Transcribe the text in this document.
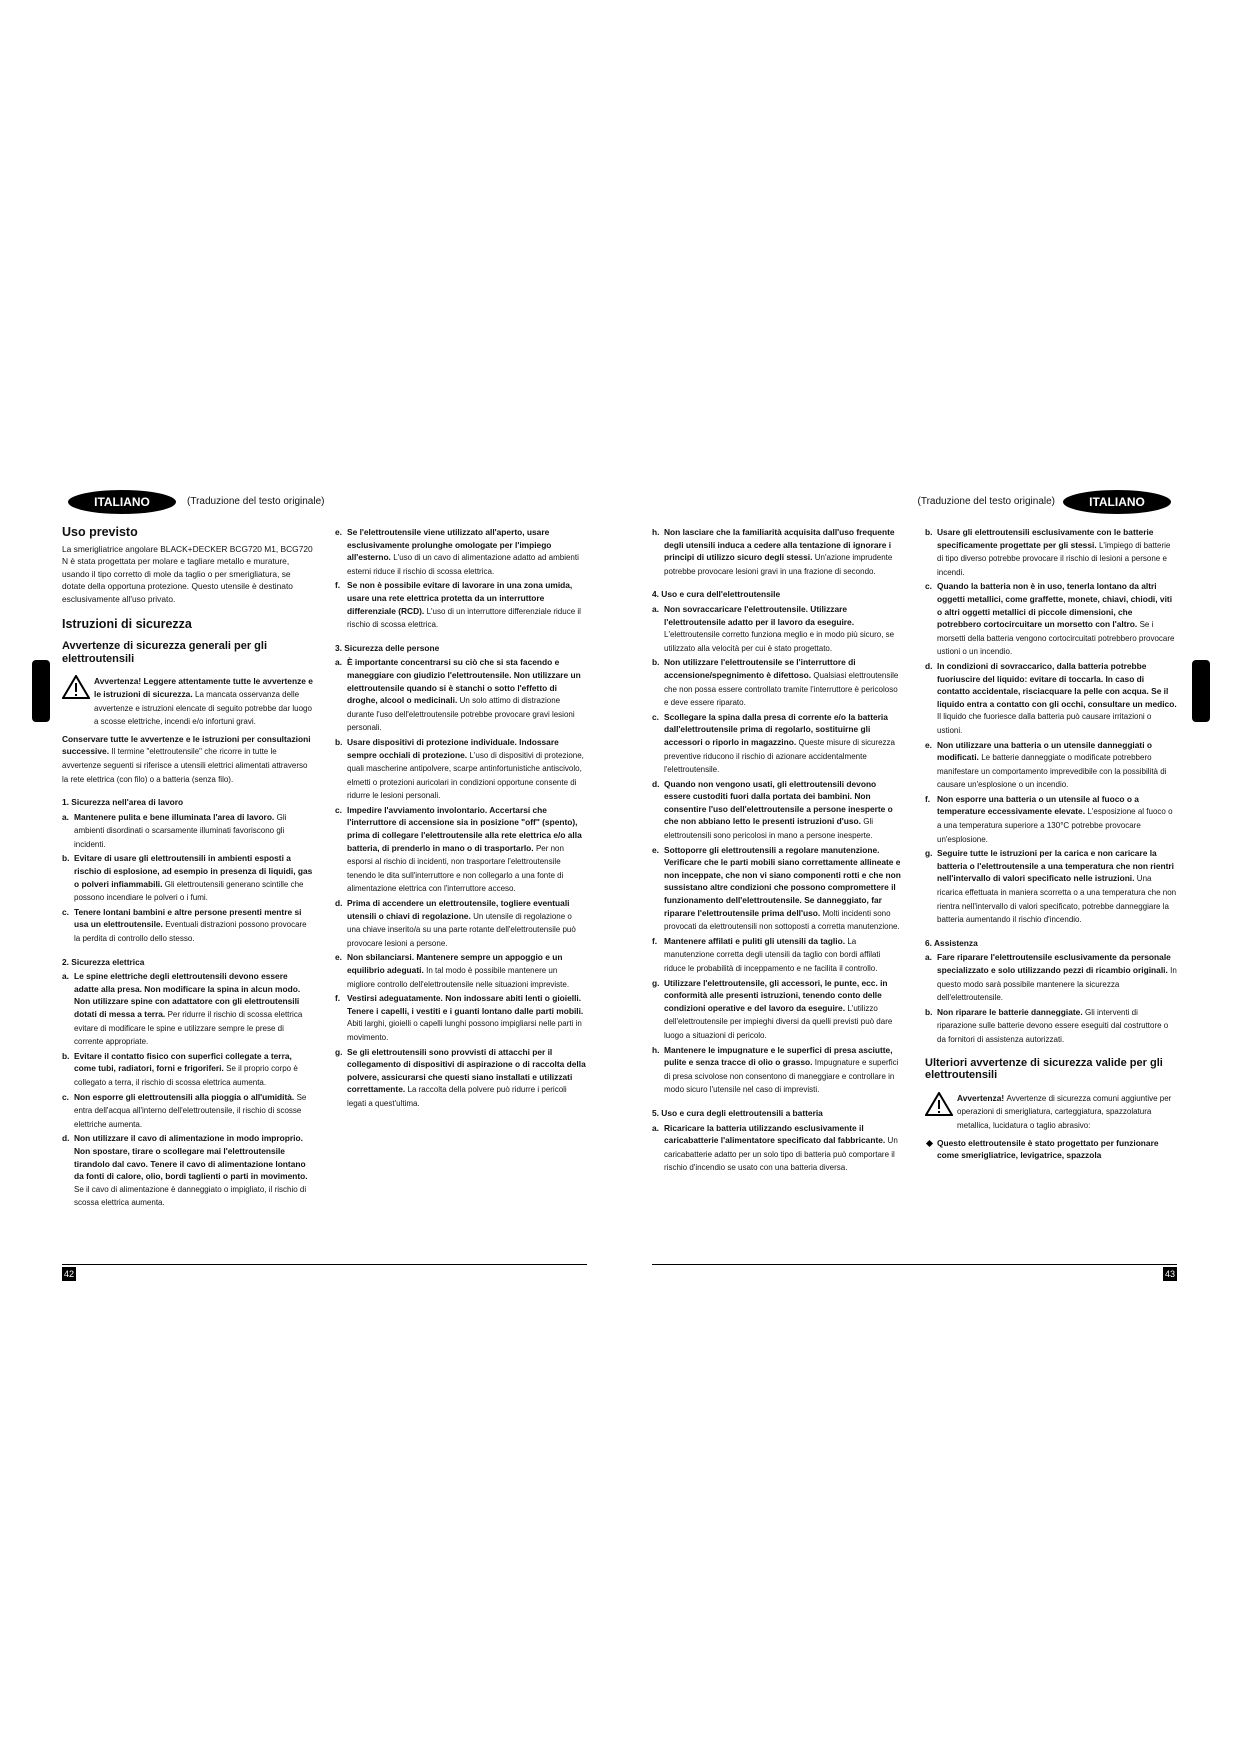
ITALIANO	(Traduzione del testo originale)
Uso previsto

La smerigliatrice angolare BLACK+DECKER BCG720 M1, BCG720 N è stata progettata per molare e tagliare metallo e murature, usando il tipo corretto di mole da taglio o per smerigliatura, se dotate della opportuna protezione. Questo utensile è destinato esclusivamente all'uso privato.

Istruzioni di sicurezza
Avvertenze di sicurezza generali per gli elettroutensili
Avvertenza! Leggere attentamente tutte le avvertenze e le istruzioni di sicurezza. La mancata osservanza delle avvertenze e istruzioni elencate di seguito potrebbe dar luogo a scosse elettriche, incendi e/o infortuni gravi.

Conservare tutte le avvertenze e le istruzioni per consultazioni successive. Il termine "elettroutensile" che ricorre in tutte le avvertenze seguenti si riferisce a utensili elettrici alimentati attraverso la rete elettrica (con filo) o a batteria (senza filo).

1. Sicurezza nell'area di lavoro
a. Mantenere pulita e bene illuminata l'area di lavoro. Gli ambienti disordinati o scarsamente illuminati favoriscono gli incidenti.
b. Evitare di usare gli elettroutensili in ambienti esposti a rischio di esplosione, ad esempio in presenza di liquidi, gas o polveri infiammabili. Gli elettroutensili generano scintille che possono incendiare le polveri o i fumi.
c. Tenere lontani bambini e altre persone presenti mentre si usa un elettroutensile. Eventuali distrazioni possono provocare la perdita di controllo dello stesso.
2. Sicurezza elettrica
a. Le spine elettriche degli elettroutensili devono essere adatte alla presa. Non modificare la spina in alcun modo. Non utilizzare spine con adattatore con gli elettroutensili dotati di messa a terra. Per ridurre il rischio di scossa elettrica evitare di modificare le spine e utilizzare sempre le prese di corrente appropriate.
b. Evitare il contatto fisico con superfici collegate a terra, come tubi, radiatori, forni e frigoriferi. Se il proprio corpo è collegato a terra, il rischio di scossa elettrica aumenta.
c. Non esporre gli elettroutensili alla pioggia o all'umidità. Se entra dell'acqua all'interno dell'elettroutensile, il rischio di scosse elettriche aumenta.
d. Non utilizzare il cavo di alimentazione in modo improprio. Non spostare, tirare o scollegare mai l'elettroutensile tirandolo dal cavo. Tenere il cavo di alimentazione lontano da fonti di calore, olio, bordi taglienti o parti in movimento. Se il cavo di alimentazione è danneggiato o impigliato, il rischio di scossa elettrica aumenta.
e. Se l'elettroutensile viene utilizzato all'aperto, usare esclusivamente prolunghe omologate per l'impiego all'esterno. L'uso di un cavo di alimentazione adatto ad ambienti esterni riduce il rischio di scossa elettrica.
f. Se non è possibile evitare di lavorare in una zona umida, usare una rete elettrica protetta da un interruttore differenziale (RCD). L'uso di un interruttore differenziale riduce il rischio di scossa elettrica.
3. Sicurezza delle persone
a. È importante concentrarsi su ciò che si sta facendo e maneggiare con giudizio l'elettroutensile. Non utilizzare un elettroutensile quando si è stanchi o sotto l'effetto di droghe, alcool o medicinali. Un solo attimo di distrazione durante l'uso dell'elettroutensile potrebbe provocare gravi lesioni personali.
b. Usare dispositivi di protezione individuale. Indossare sempre occhiali di protezione. L'uso di dispositivi di protezione, quali mascherine antipolvere, scarpe antinfortunistiche antiscivolo, elmetti o protezioni auricolari in condizioni opportune consente di ridurre le lesioni personali.
c. Impedire l'avviamento involontario. Accertarsi che l'interruttore di accensione sia in posizione "off" (spento), prima di collegare l'elettroutensile alla rete elettrica e/o alla batteria, di prenderlo in mano o di trasportarlo. Per non esporsi al rischio di incidenti, non trasportare l'elettroutensile tenendo le dita sull'interruttore e non collegarlo a una fonte di alimentazione elettrica con l'interruttore acceso.
d. Prima di accendere un elettroutensile, togliere eventuali utensili o chiavi di regolazione. Un utensile di regolazione o una chiave inserito/a su una parte rotante dell'elettroutensile può provocare lesioni a persone.
e. Non sbilanciarsi. Mantenere sempre un appoggio e un equilibrio adeguati. In tal modo è possibile mantenere un migliore controllo dell'elettroutensile nelle situazioni impreviste.
f. Vestirsi adeguatamente. Non indossare abiti lenti o gioielli. Tenere i capelli, i vestiti e i guanti lontano dalle parti mobili. Abiti larghi, gioielli o capelli lunghi possono impigliarsi nelle parti in movimento.
g. Se gli elettroutensili sono provvisti di attacchi per il collegamento di dispositivi di aspirazione o di raccolta della polvere, assicurarsi che questi siano installati e utilizzati correttamente. La raccolta della polvere può ridurre i pericoli legati a quest'ultima.
42
ITALIANO
(Traduzione del testo originale)
h. Non lasciare che la familiarità acquisita dall'uso frequente degli utensili induca a cedere alla tentazione di ignorare i principi di utilizzo sicuro degli stessi. Un'azione imprudente potrebbe provocare lesioni gravi in una frazione di secondo.
4. Uso e cura dell'elettroutensile
a. Non sovraccaricare l'elettroutensile. Utilizzare l'elettroutensile adatto per il lavoro da eseguire. L'elettroutensile corretto funziona meglio e in modo più sicuro, se utilizzato alla velocità per cui è stato progettato.
b. Non utilizzare l'elettroutensile se l'interruttore di accensione/spegnimento è difettoso. Qualsiasi elettroutensile che non possa essere controllato tramite l'interruttore è pericoloso e deve essere riparato.
c. Scollegare la spina dalla presa di corrente e/o la batteria dall'elettroutensile prima di regolarlo, sostituirne gli accessori o riporlo in magazzino. Queste misure di sicurezza preventive riducono il rischio di azionare accidentalmente l'elettroutensile.
d. Quando non vengono usati, gli elettroutensili devono essere custoditi fuori dalla portata dei bambini. Non consentire l'uso dell'elettroutensile a persone inesperte o che non abbiano letto le presenti istruzioni d'uso. Gli elettroutensili sono pericolosi in mano a persone inesperte.
e. Sottoporre gli elettroutensili a regolare manutenzione. Verificare che le parti mobili siano correttamente allineate e non inceppate, che non vi siano componenti rotti e che non sussistano altre condizioni che possono compromettere il funzionamento dell'elettroutensile. Se danneggiato, far riparare l'elettroutensile prima dell'uso. Molti incidenti sono provocati da elettroutensili non sottoposti a corretta manutenzione.
f. Mantenere affilati e puliti gli utensili da taglio. La manutenzione corretta degli utensili da taglio con bordi affilati riduce le probabilità di inceppamento e ne facilita il controllo.
g. Utilizzare l'elettroutensile, gli accessori, le punte, ecc. in conformità alle presenti istruzioni, tenendo conto delle condizioni operative e del lavoro da eseguire. L'utilizzo dell'elettroutensile per impieghi diversi da quelli previsti può dare luogo a situazioni di pericolo.
h. Mantenere le impugnature e le superfici di presa asciutte, pulite e senza tracce di olio o grasso. Impugnature e superfici di presa scivolose non consentono di maneggiare e controllare in modo sicuro l'utensile nel caso di imprevisti.
5. Uso e cura degli elettroutensili a batteria
a. Ricaricare la batteria utilizzando esclusivamente il caricabatterie l'alimentatore specificato dal fabbricante. Un caricabatterie adatto per un solo tipo di batteria può comportare il rischio d'incendio se usato con una batteria diversa.
b. Usare gli elettroutensili esclusivamente con le batterie specificamente progettate per gli stessi. L'impiego di batterie di tipo diverso potrebbe provocare il rischio di lesioni a persone e incendi.
c. Quando la batteria non è in uso, tenerla lontano da altri oggetti metallici, come graffette, monete, chiavi, chiodi, viti o altri oggetti metallici di piccole dimensioni, che potrebbero cortocircuitare un morsetto con l'altro. Se i morsetti della batteria vengono cortocircuitati potrebbero provocare ustioni o un incendio.
d. In condizioni di sovraccarico, dalla batteria potrebbe fuoriuscire del liquido: evitare di toccarla. In caso di contatto accidentale, risciacquare la pelle con acqua. Se il liquido entra a contatto con gli occhi, consultare un medico. Il liquido che fuoriesce dalla batteria può causare irritazioni o ustioni.
e. Non utilizzare una batteria o un utensile danneggiati o modificati. Le batterie danneggiate o modificate potrebbero manifestare un comportamento imprevedibile con la possibilità di causare un'esplosione o un incendio.
f. Non esporre una batteria o un utensile al fuoco o a temperature eccessivamente elevate. L'esposizione al fuoco o a una temperatura superiore a 130°C potrebbe provocare un'esplosione.
g. Seguire tutte le istruzioni per la carica e non caricare la batteria o l'elettroutensile a una temperatura che non rientri nell'intervallo di valori specificato nelle istruzioni. Una ricarica effettuata in maniera scorretta o a una temperatura che non rientra nell'intervallo di valori specificato, potrebbe danneggiare la batteria aumentando il rischio d'incendio.
6. Assistenza
a. Fare riparare l'elettroutensile esclusivamente da personale specializzato e solo utilizzando pezzi di ricambio originali. In questo modo sarà possibile mantenere la sicurezza dell'elettroutensile.
b. Non riparare le batterie danneggiate. Gli interventi di riparazione sulle batterie devono essere eseguiti dal costruttore o da fornitori di assistenza autorizzati.
Ulteriori avvertenze di sicurezza valide per gli elettroutensili
Avvertenza! Avvertenze di sicurezza comuni aggiuntive per operazioni di smerigliatura, carteggiatura, spazzolatura metallica, lucidatura o taglio abrasivo:
Questo elettroutensile è stato progettato per funzionare come smerigliatrice, levigatrice, spazzola
43
